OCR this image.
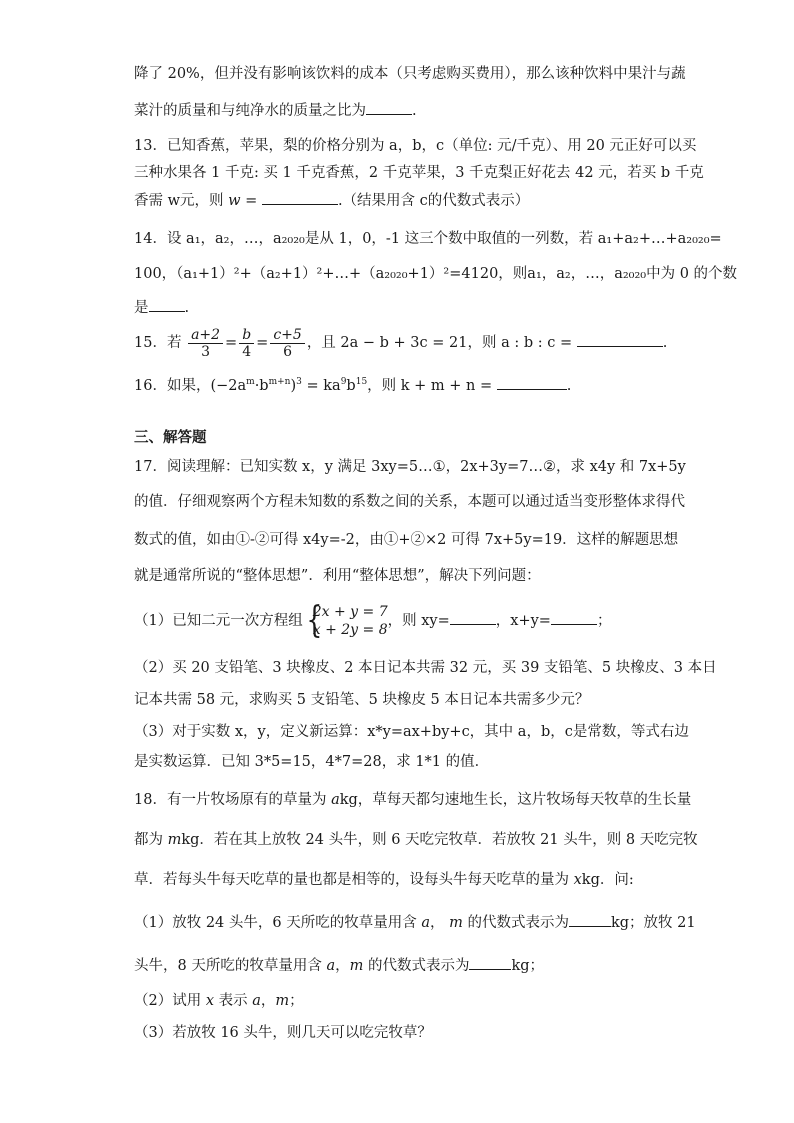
降了 20%，但并没有影响该饮料的成本（只考虑购买费用），那么该种饮料中果汁与蔬
菜汁的质量和与纯净水的质量之比为	.
13．已知香蕉，苹果，梨的价格分别为 a，b，c（单位: 元/千克）、用 20 元正好可以买
三种水果各 1 千克: 买 1 千克香蕉，2 千克苹果，3 千克梨正好花去 42 元，若买 b 千克
香需 w元，则 w =	.（结果用含 c的代数式表示）
14．设 a₁，a₂，…，a₂₀₂₀是从 1，0，-1 这三个数中取值的一列数，若 a₁+a₂+…+a₂₀₂₀=
100，（a₁+1）²+（a₂+1）²+…+（a₂₀₂₀+1）²=4120，则a₁，a₂，…，a₂₀₂₀中为 0 的个数
是 .
15．若 $\frac{a+2}{3} = \frac{b}{4} = \frac{c+5}{6}$ ，且 2a − b + 3c = 21，则 a : b : c =	.
16．如果，$(-2a^m\cdot b^{m+n})^3 = ka^9b^{15}$，则 k + m + n =	.
三、解答题
17．阅读理解：已知实数 x，y 满足 3xy=5…①，2x+3y=7…②，求 x4y 和 7x+5y
的值．仔细观察两个方程未知数的系数之间的关系，本题可以通过适当变形整体求得代
数式的值，如由①-②可得 x4y=-2，由①+②×2 可得 7x+5y=19．这样的解题思想
就是通常所说的“整体思想”．利用“整体思想”，解决下列问题：
（1）已知二元一次方程组 {
2x + y = 7
x + 2y = 8
，则 xy=	，x+y=	；
（2）买 20 支铅笔、3 块橡皮、2 本日记本共需 32 元，买 39 支铅笔、5 块橡皮、3 本日
记本共需 58 元，求购买 5 支铅笔、5 块橡皮 5 本日记本共需多少元？
（3）对于实数 x，y，定义新运算：x*y=ax+by+c，其中 a，b，c是常数，等式右边
是实数运算．已知 3*5=15，4*7=28，求 1*1 的值．
18．有一片牧场原有的草量为 akg，草每天都匀速地生长，这片牧场每天牧草的生长量
都为 mkg．若在其上放牧 24 头牛，则 6 天吃完牧草．若放牧 21 头牛，则 8 天吃完牧
草．若每头牛每天吃草的量也都是相等的，设每头牛每天吃草的量为 xkg．问:
（1）放牧 24 头牛，6 天所吃的牧草量用含 a， m 的代数式表示为	kg；放牧 21
头牛，8 天所吃的牧草量用含 a，m 的代数式表示为	kg；
（2）试用 x 表示 a，m；
（3）若放牧 16 头牛，则几天可以吃完牧草？
